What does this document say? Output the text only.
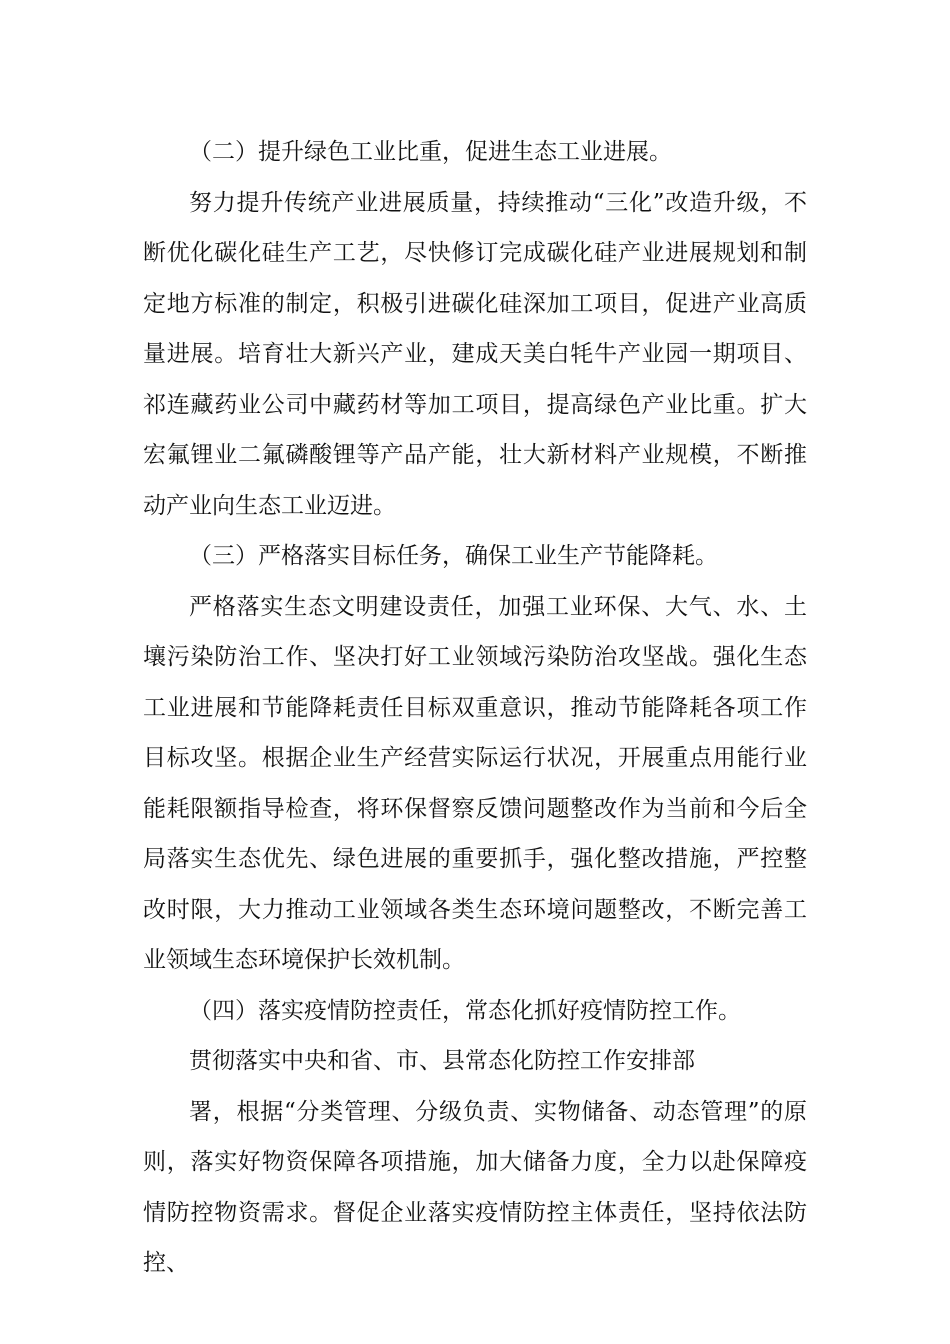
（二）提升绿色工业比重，促进生态工业进展。

努力提升传统产业进展质量，持续推动“三化”改造升级，不断优化碳化硅生产工艺，尽快修订完成碳化硅产业进展规划和制定地方标准的制定，积极引进碳化硅深加工项目，促进产业高质量进展。培育壮大新兴产业，建成天美白牦牛产业园一期项目、祁连藏药业公司中藏药材等加工项目，提高绿色产业比重。扩大宏氟锂业二氟磷酸锂等产品产能，壮大新材料产业规模，不断推动产业向生态工业迈进。

（三）严格落实目标任务，确保工业生产节能降耗。

严格落实生态文明建设责任，加强工业环保、大气、水、土壤污染防治工作、坚决打好工业领域污染防治攻坚战。强化生态工业进展和节能降耗责任目标双重意识，推动节能降耗各项工作目标攻坚。根据企业生产经营实际运行状况，开展重点用能行业能耗限额指导检查，将环保督察反馈问题整改作为当前和今后全局落实生态优先、绿色进展的重要抓手，强化整改措施，严控整改时限，大力推动工业领域各类生态环境问题整改，不断完善工业领域生态环境保护长效机制。

（四）落实疫情防控责任，常态化抓好疫情防控工作。

贯彻落实中央和省、市、县常态化防控工作安排部

署，根据“分类管理、分级负责、实物储备、动态管理”的原则，落实好物资保障各项措施，加大储备力度，全力以赴保障疫情防控物资需求。督促企业落实疫情防控主体责任，坚持依法防控、
